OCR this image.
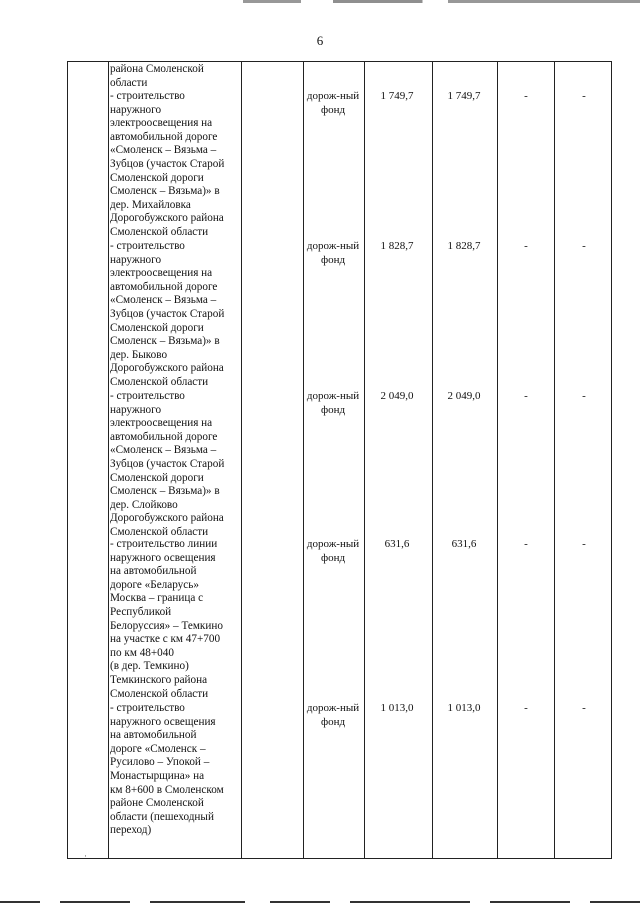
6
района Смоленской
области
- строительство
наружного
электроосвещения на
автомобильной дороге
«Смоленск – Вязьма –
Зубцов (участок Старой
Смоленской дороги
Смоленск – Вязьма)» в
дер. Михайловка
Дорогобужского района
Смоленской области
дорож-ный фонд
1 749,7	1 749,7	-	-
- строительство
наружного
электроосвещения на
автомобильной дороге
«Смоленск – Вязьма –
Зубцов (участок Старой
Смоленской дороги
Смоленск – Вязьма)» в
дер. Быково
Дорогобужского района
Смоленской области
дорож-ный фонд
1 828,7	1 828,7	-	-
- строительство
наружного
электроосвещения на
автомобильной дороге
«Смоленск – Вязьма –
Зубцов (участок Старой
Смоленской дороги
Смоленск – Вязьма)» в
дер. Слойково
Дорогобужского района
Смоленской области
дорож-ный фонд
2 049,0	2 049,0	-	-
- строительство линии
наружного освещения
на автомобильной
дороге «Беларусь»
Москва – граница с
Республикой
Белоруссия» – Темкино
на участке с км 47+700
по км 48+040
(в дер. Темкино)
Темкинского района
Смоленской области
дорож-ный фонд
631,6	631,6	-	-
- строительство
наружного освещения
на автомобильной
дороге «Смоленск –
Русилово – Упокой –
Монастырщина» на
км 8+600 в Смоленском
районе Смоленской
области (пешеходный
переход)
дорож-ный фонд
1 013,0	1 013,0	-	-
·
